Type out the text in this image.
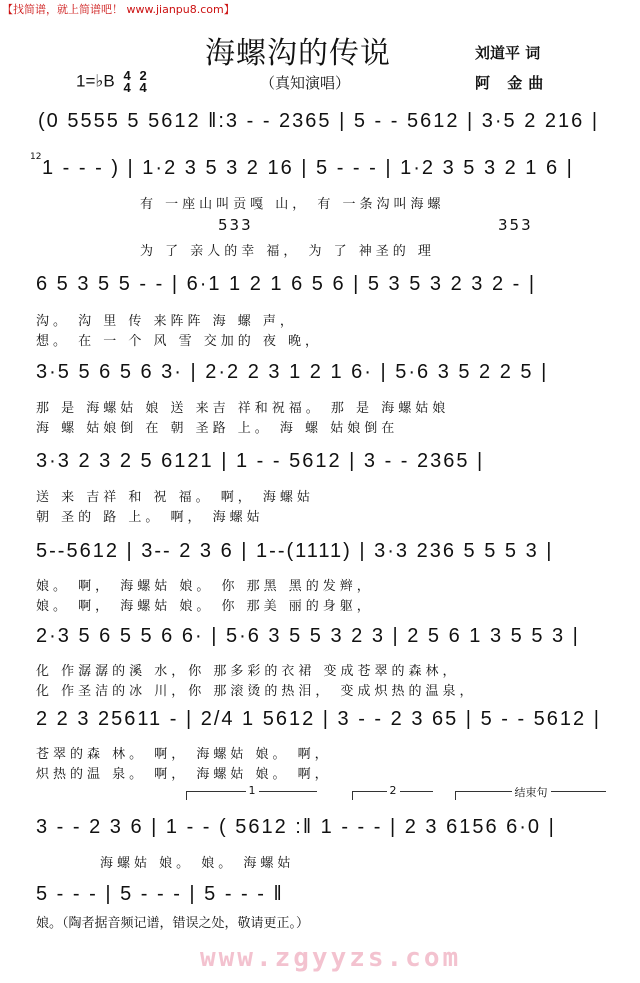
【找简谱，就上简谱吧！ www.jianpu8.com】
海螺沟的传说	刘道平 词
阿 金曲
1=♭B 4
4 2
4	（真知演唱）
(0 5555 5 5612 ‖:3 - - 2365 | 5 - - 5612 | 3·5 2 216 |
12 1 - - - ) | 1·2 3 5 3 2 16 | 5 - - - | 1·2 3 5 3 2 1 6 |
有 一座山叫贡嘎 山， 有 一条沟叫海螺
533	353
为 了 亲人的幸 福， 为 了 神圣的 理
6 5 3 5 5 - - | 6·1 1 2 1 6 5 6 | 5 3 5 3 2 3 2 - |
沟。 沟 里 传 来阵阵 海 螺 声，
想。 在 一 个 风 雪 交加的 夜 晚，
3·5 5 6 5 6 3· | 2·2 2 3 1 2 1 6· | 5·6 3 5 2 2 5 |
那 是 海螺姑 娘 送 来吉 祥和祝福。 那 是 海螺姑娘
海 螺 姑娘倒 在 朝 圣路 上。 海 螺 姑娘倒在
3·3 2 3 2 5 6121 | 1 - - 5612 | 3 - - 2365 |
送 来 吉祥 和 祝 福。 啊， 海螺姑
朝 圣的 路 上。 啊， 海螺姑
5--5612 | 3-- 2 3 6 | 1--(1111) | 3·3 236 5 5 5 3 |
娘。 啊， 海螺姑 娘。 你 那黑 黑的发辫，
娘。 啊， 海螺姑 娘。 你 那美 丽的身躯，
2·3 5 6 5 5 6 6· | 5·6 3 5 5 3 2 3 | 2 5 6 1 3 5 5 3 |
化 作潺潺的溪 水，你 那多彩的衣裙 变成苍翠的森林，
化 作圣洁的冰 川，你 那滚烫的热泪， 变成炽热的温泉，
2 2 3 25611 - | 2/4 1 5612 | 3 - - 2 3 65 | 5 - - 5612 |
苍翠的森 林。 啊， 海螺姑 娘。 啊，
炽热的温 泉。 啊， 海螺姑 娘。 啊，
1	2	结束句
3 - - 2 3 6 | 1 - - ( 5612 :‖ 1 - - - | 2 3 6156 6·0 |
海螺姑 娘。 娘。 海螺姑
5 - - - | 5 - - - | 5 - - - ‖
娘。（陶者据音频记谱，错误之处，敬请更正。）
www.zgyyzs.com
